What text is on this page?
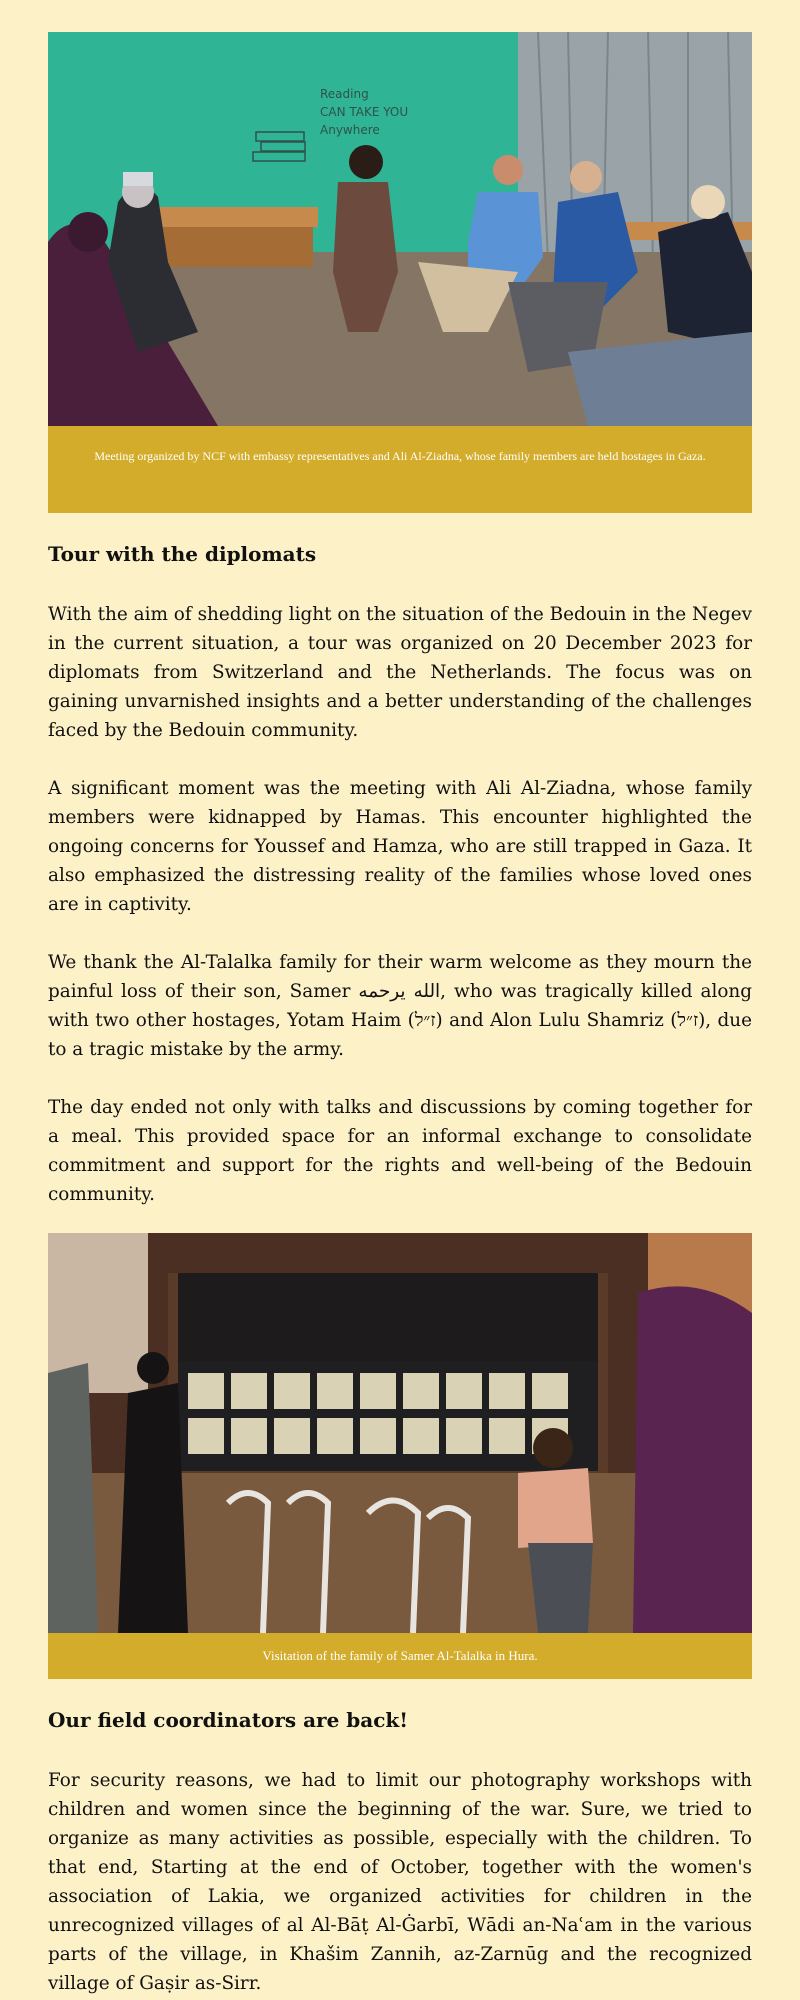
Reading
CAN TAKE YOU
Anywhere
Meeting organized by NCF with embassy representatives and Ali Al-Ziadna, whose family members are held hostages in Gaza.
Tour with the diplomats

With the aim of shedding light on the situation of the Bedouin in the Negev in the current situation, a tour was organized on 20 December 2023 for diplomats from Switzerland and the Netherlands. The focus was on gaining unvarnished insights and a better understanding of the challenges faced by the Bedouin community.

A significant moment was the meeting with Ali Al-Ziadna, whose family members were kidnapped by Hamas. This encounter highlighted the ongoing concerns for Youssef and Hamza, who are still trapped in Gaza. It also emphasized the distressing reality of the families whose loved ones are in captivity.

We thank the Al-Talalka family for their warm welcome as they mourn the painful loss of their son, Samer الله يرحمه, who was tragically killed along with two other hostages, Yotam Haim (ז״ל) and Alon Lulu Shamriz (ז״ל), due to a tragic mistake by the army.

The day ended not only with talks and discussions by coming together for a meal. This provided space for an informal exchange to consolidate commitment and support for the rights and well-being of the Bedouin community.

Visitation of the family of Samer Al-Talalka in Hura.
Our field coordinators are back!

For security reasons, we had to limit our photography workshops with children and women since the beginning of the war. Sure, we tried to organize as many activities as possible, especially with the children. To that end, Starting at the end of October, together with the women's association of Lakia, we organized activities for children in the unrecognized villages of al Al-Bāṭ Al-Ġarbī, Wādi an-Naʿam in the various parts of the village, in Khašim Zannih, az-Zarnūg and the recognized village of Gaṣir as-Sirr.
